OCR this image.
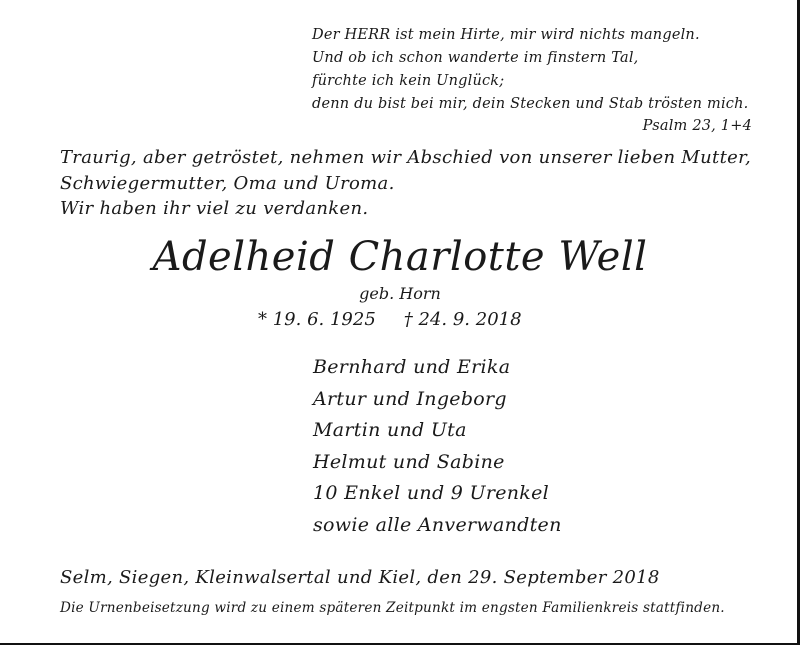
Der HERR ist mein Hirte, mir wird nichts mangeln.
Und ob ich schon wanderte im finstern Tal,
fürchte ich kein Unglück;
denn du bist bei mir, dein Stecken und Stab trösten mich.
Psalm 23, 1+4
Traurig, aber getröstet, nehmen wir Abschied von unserer lieben Mutter,
Schwiegermutter, Oma und Uroma.
Wir haben ihr viel zu verdanken.
Adelheid Charlotte Well
geb. Horn
* 19. 6. 1925 † 24. 9. 2018
Bernhard und Erika
Artur und Ingeborg
Martin und Uta
Helmut und Sabine
10 Enkel und 9 Urenkel
sowie alle Anverwandten
Selm, Siegen, Kleinwalsertal und Kiel, den 29. September 2018
Die Urnenbeisetzung wird zu einem späteren Zeitpunkt im engsten Familienkreis stattfinden.
